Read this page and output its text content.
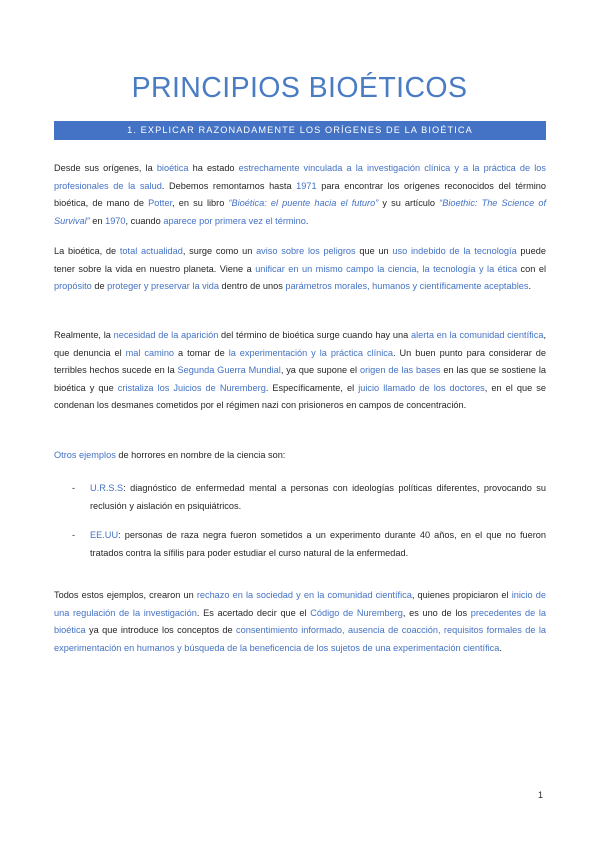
PRINCIPIOS BIOÉTICOS
1. EXPLICAR RAZONADAMENTE LOS ORÍGENES DE LA BIOÉTICA

Desde sus orígenes, la bioética ha estado estrechamente vinculada a la investigación clínica y a la práctica de los profesionales de la salud. Debemos remontarnos hasta 1971 para encontrar los orígenes reconocidos del término bioética, de mano de Potter, en su libro “Bioética: el puente hacia el futuro” y su artículo “Bioethic: The Science of Survival” en 1970, cuando aparece por primera vez el término.

La bioética, de total actualidad, surge como un aviso sobre los peligros que un uso indebido de la tecnología puede tener sobre la vida en nuestro planeta. Viene a unificar en un mismo campo la ciencia, la tecnología y la ética con el propósito de proteger y preservar la vida dentro de unos parámetros morales, humanos y científicamente aceptables.

Realmente, la necesidad de la aparición del término de bioética surge cuando hay una alerta en la comunidad científica, que denuncia el mal camino a tomar de la experimentación y la práctica clínica. Un buen punto para considerar de terribles hechos sucede en la Segunda Guerra Mundial, ya que supone el origen de las bases en las que se sostiene la bioética y que cristaliza los Juicios de Nuremberg. Específicamente, el juicio llamado de los doctores, en el que se condenan los desmanes cometidos por el régimen nazi con prisioneros en campos de concentración.

Otros ejemplos de horrores en nombre de la ciencia son:

- U.R.S.S: diagnóstico de enfermedad mental a personas con ideologías políticas diferentes, provocando su reclusión y aislación en psiquiátricos.
- EE.UU: personas de raza negra fueron sometidos a un experimento durante 40 años, en el que no fueron tratados contra la sífilis para poder estudiar el curso natural de la enfermedad.

Todos estos ejemplos, crearon un rechazo en la sociedad y en la comunidad científica, quienes propiciaron el inicio de una regulación de la investigación. Es acertado decir que el Código de Nuremberg, es uno de los precedentes de la bioética ya que introduce los conceptos de consentimiento informado, ausencia de coacción, requisitos formales de la experimentación en humanos y búsqueda de la beneficencia de los sujetos de una experimentación científica.

1
